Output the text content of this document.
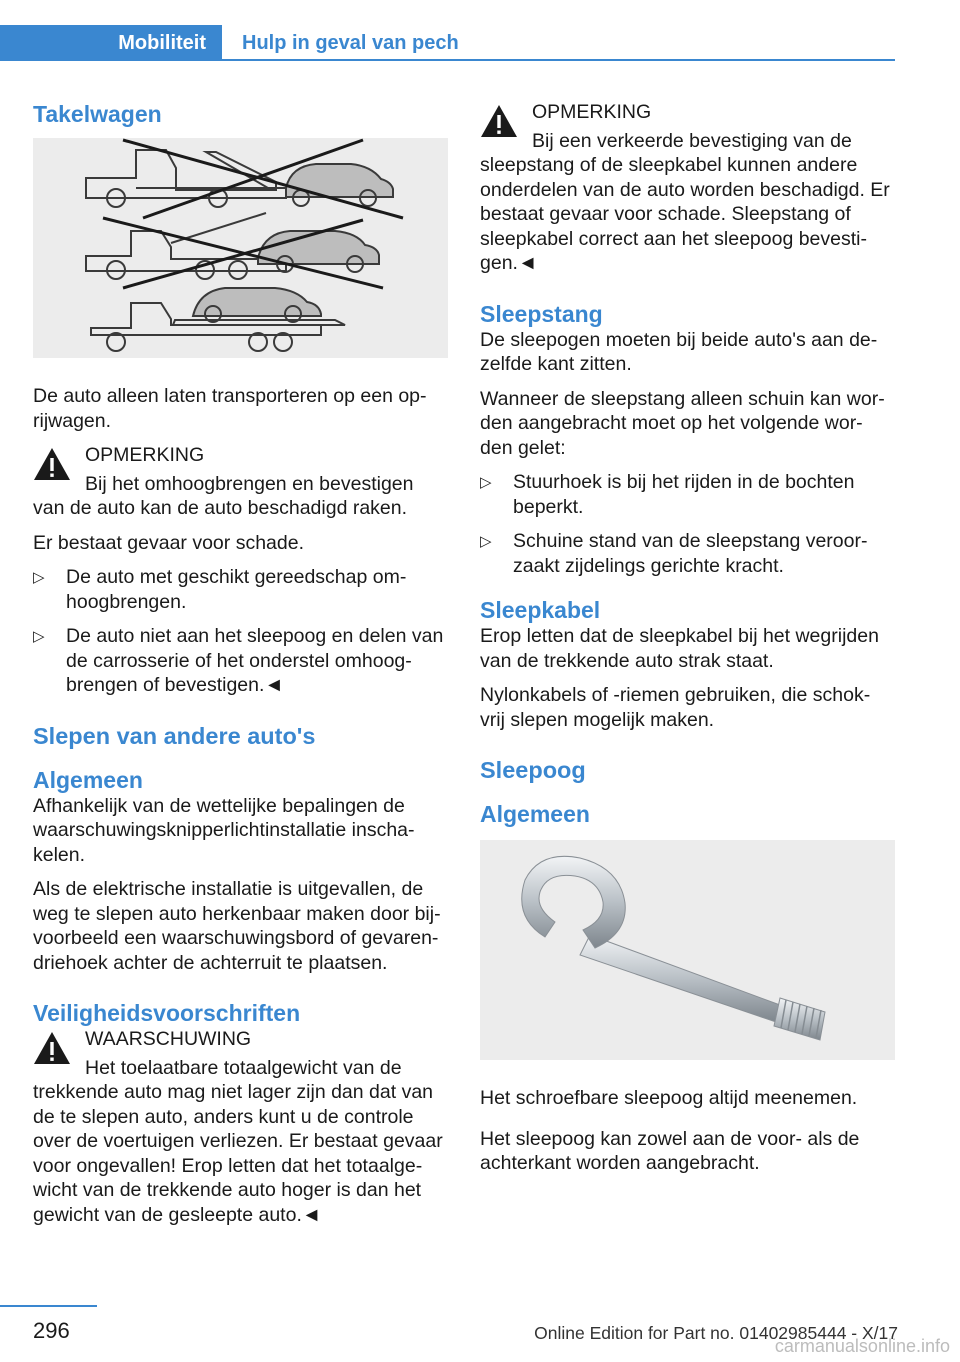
Mobiliteit Hulp in geval van pech
Takelwagen

De auto alleen laten transporteren op een op-rijwagen.

OPMERKING

Bij het omhoogbrengen en bevestigen

van de auto kan de auto beschadigd raken.

Er bestaat gevaar voor schade.

▷ De auto met geschikt gereedschap om-hoogbrengen.
▷ De auto niet aan het sleepoog en delen van de carrosserie of het onderstel omhoog-brengen of bevestigen.◄
Slepen van andere auto's
Algemeen

Afhankelijk van de wettelijke bepalingen de waarschuwingsknipperlichtinstallatie inscha-kelen.

Als de elektrische installatie is uitgevallen, de weg te slepen auto herkenbaar maken door bij-voorbeeld een waarschuwingsbord of gevaren-driehoek achter de achterruit te plaatsen.

Veiligheidsvoorschriften

WAARSCHUWING

Het toelaatbare totaalgewicht van de

trekkende auto mag niet lager zijn dan dat van de te slepen auto, anders kunt u de controle over de voertuigen verliezen. Er bestaat gevaar voor ongevallen! Erop letten dat het totaalge-wicht van de trekkende auto hoger is dan het gewicht van de gesleepte auto.◄

OPMERKING

Bij een verkeerde bevestiging van de

sleepstang of de sleepkabel kunnen andere onderdelen van de auto worden beschadigd. Er bestaat gevaar voor schade. Sleepstang of sleepkabel correct aan het sleepoog bevesti-gen.◄

Sleepstang

De sleepogen moeten bij beide auto's aan de-zelfde kant zitten.

Wanneer de sleepstang alleen schuin kan wor-den aangebracht moet op het volgende wor-den gelet:

▷ Stuurhoek is bij het rijden in de bochten beperkt.
▷ Schuine stand van de sleepstang veroor-zaakt zijdelings gerichte kracht.
Sleepkabel

Erop letten dat de sleepkabel bij het wegrijden van de trekkende auto strak staat.

Nylonkabels of -riemen gebruiken, die schok-vrij slepen mogelijk maken.

Sleepoog
Algemeen

Het schroefbare sleepoog altijd meenemen.

Het sleepoog kan zowel aan de voor- als de achterkant worden aangebracht.

296	Online Edition for Part no. 01402985444 - X/17
carmanualsonline.info
